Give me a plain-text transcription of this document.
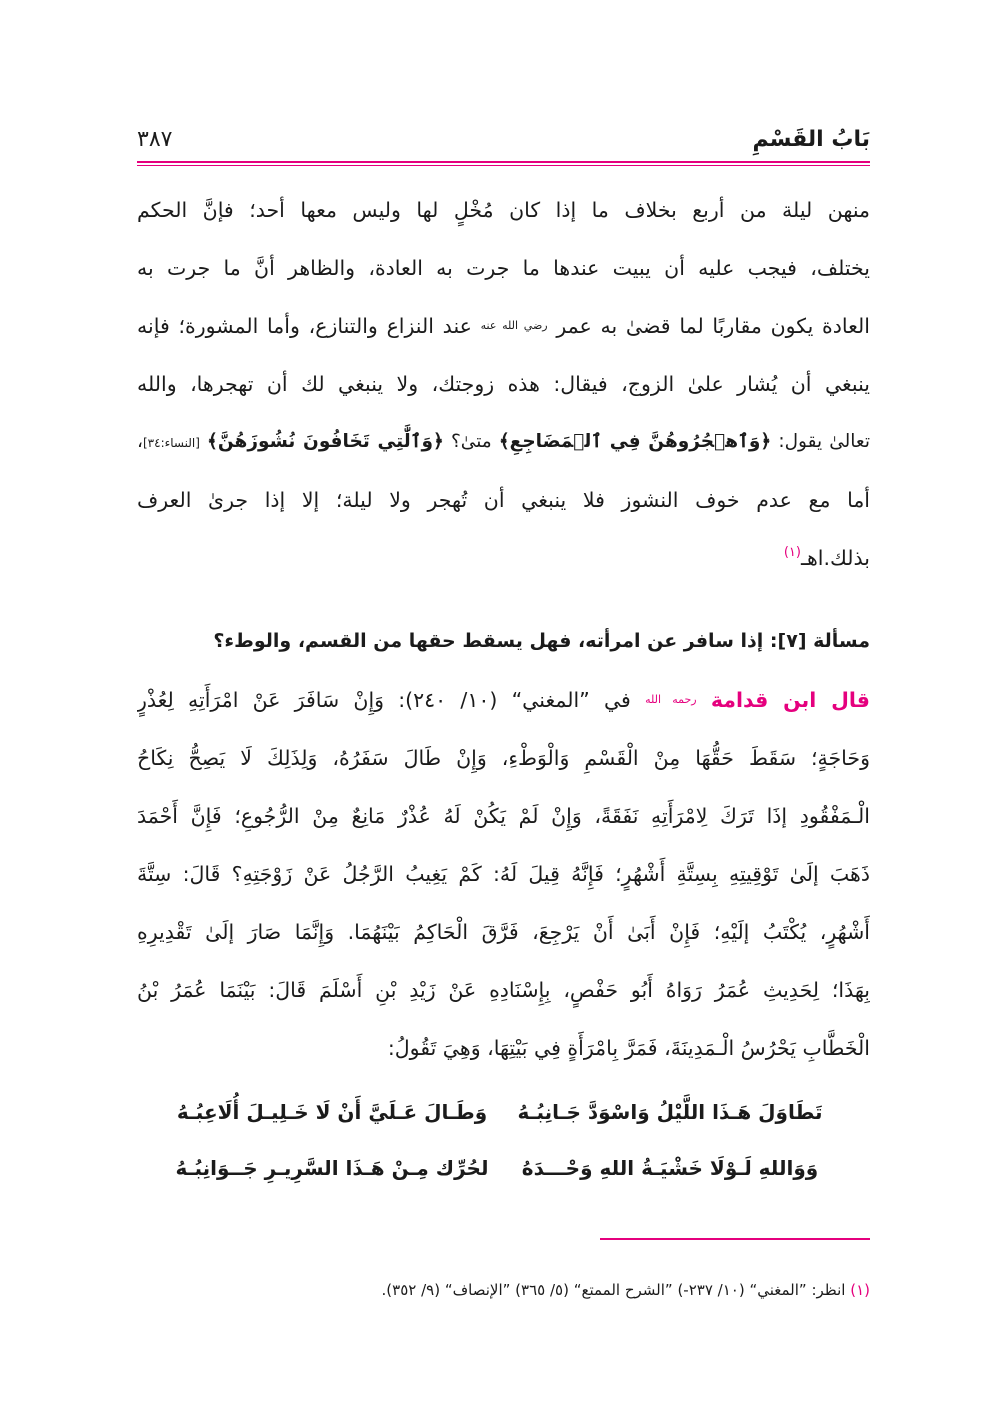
بَابُ القَسْمِ
٣٨٧
منهن ليلة من أربع بخلاف ما إذا كان مُخْلٍ لها وليس معها أحد؛ فإنَّ الحكم
يختلف، فيجب عليه أن يبيت عندها ما جرت به العادة، والظاهر أنَّ ما جرت به
العادة يكون مقاربًا لما قضىٰ به عمر رضي الله عنه عند النزاع والتنازع، وأما المشورة؛ فإنه
ينبغي أن يُشار علىٰ الزوج، فيقال: هذه زوجتك، ولا ينبغي لك أن تهجرها، والله
تعالىٰ يقول: ﴿وَٱهۡجُرُوهُنَّ فِي ٱلۡمَضَاجِعِ﴾ متىٰ؟ ﴿وَٱلَّٰتِي تَخَافُونَ نُشُوزَهُنَّ﴾ [النساء:٣٤]،
أما مع عدم خوف النشوز فلا ينبغي أن تُهجر ولا ليلة؛ إلا إذا جرىٰ العرف
بذلك.اهـ$^{(١)}$
مسألة [٧]: إذا سافر عن امرأته، فهل يسقط حقها من القسم، والوطء؟
قال ابن قدامة رحمه الله في ”المغني“ (١٠/ ٢٤٠): وَإِنْ سَافَرَ عَنْ امْرَأَتِهِ لِعُذْرٍ
وَحَاجَةٍ؛ سَقَطَ حَقُّهَا مِنْ الْقَسْمِ وَالْوَطْءِ، وَإِنْ طَالَ سَفَرُهُ، وَلِذَلِكَ لَا يَصِحُّ نِكَاحُ
الْـمَفْقُودِ إذَا تَرَكَ لِامْرَأَتِهِ نَفَقَةً، وَإِنْ لَمْ يَكُنْ لَهُ عُذْرٌ مَانِعٌ مِنْ الرُّجُوعِ؛ فَإِنَّ أَحْمَدَ
ذَهَبَ إلَىٰ تَوْقِيتِهِ بِسِتَّةِ أَشْهُرٍ؛ فَإِنَّهُ قِيلَ لَهُ: كَمْ يَغِيبُ الرَّجُلُ عَنْ زَوْجَتِهِ؟ قَالَ: سِتَّةَ
أَشْهُرٍ، يُكْتَبُ إلَيْهِ؛ فَإِنْ أَبَىٰ أَنْ يَرْجِعَ، فَرَّقَ الْحَاكِمُ بَيْنَهُمَا. وَإِنَّمَا صَارَ إلَىٰ تَقْدِيرِهِ
بِهَذَا؛ لِحَدِيثِ عُمَرُ رَوَاهُ أَبُو حَفْصٍ، بِإِسْنَادِهِ عَنْ زَيْدِ بْنِ أَسْلَمَ قَالَ: بَيْنَمَا عُمَرُ بْنُ
الْخَطَّابِ يَحْرُسُ الْـمَدِينَةَ، فَمَرَّ بِامْرَأَةٍ فِي بَيْتِهَا، وَهِيَ تَقُولُ:
تَطَاوَلَ هَـذَا اللَّيْلُ وَاسْوَدَّ جَـانِبُـهُ
وَطَـالَ عَـلَيَّ أَنْ لَا خَـلِيـلَ أُلَاعِبُـهُ
وَوَاللهِ لَـوْلَا خَشْيَـةُ اللهِ وَحْـــدَهُ
لحُرِّك مِـنْ هَـذَا السَّرِيـرِ جَــوَانِبُـهُ
(١) انظر: ”المغني“ (١٠/ ٢٣٧-) ”الشرح الممتع“ (٥/ ٣٦٥) ”الإنصاف“ (٩/ ٣٥٢).
